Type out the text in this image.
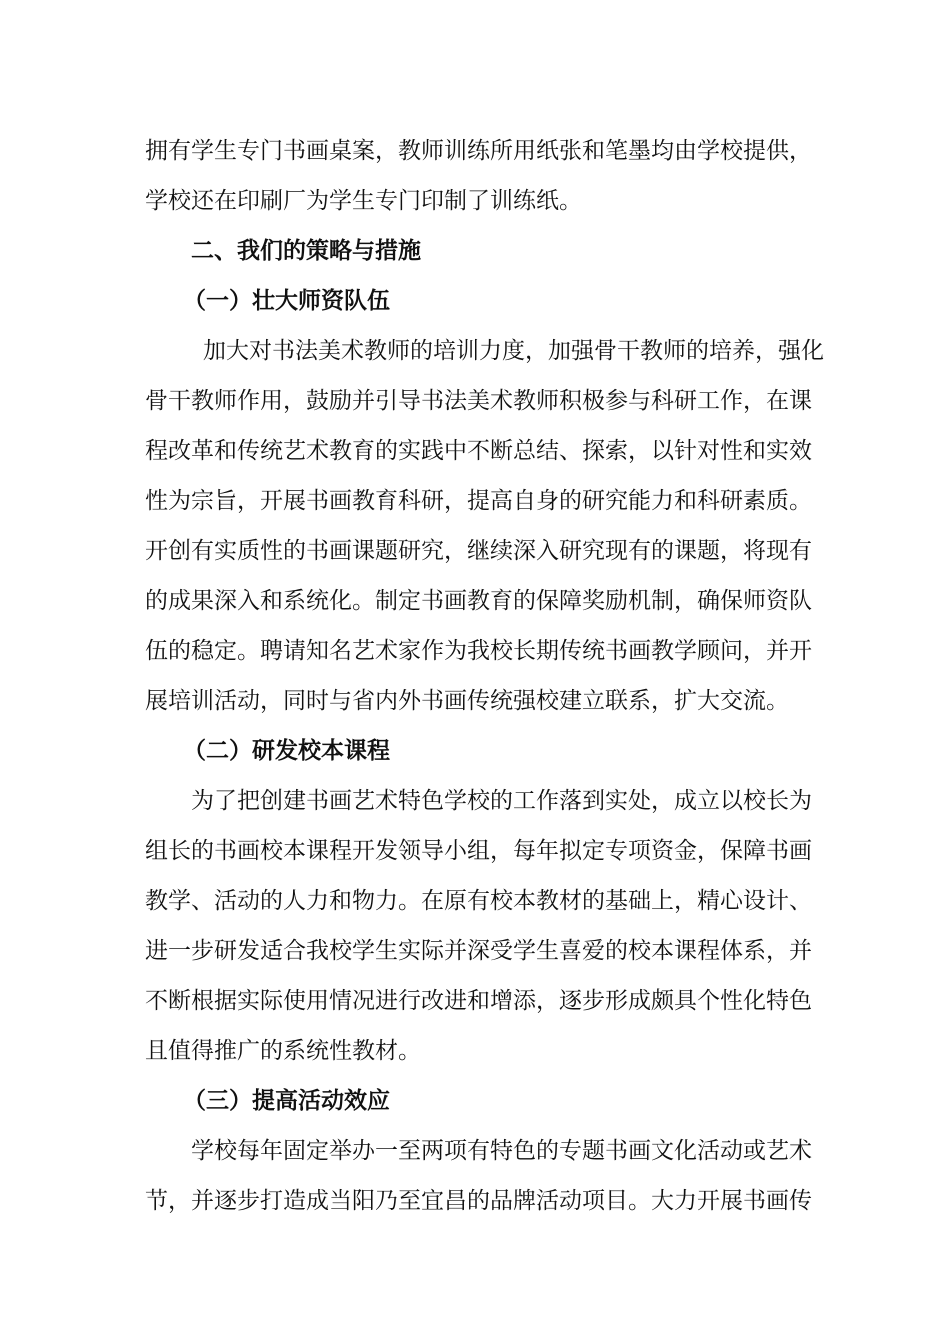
拥有学生专门书画桌案，教师训练所用纸张和笔墨均由学校提供，
学校还在印刷厂为学生专门印制了训练纸。
二、我们的策略与措施
（一）壮大师资队伍
加大对书法美术教师的培训力度，加强骨干教师的培养，强化
骨干教师作用，鼓励并引导书法美术教师积极参与科研工作，在课
程改革和传统艺术教育的实践中不断总结、探索，以针对性和实效
性为宗旨，开展书画教育科研，提高自身的研究能力和科研素质。
开创有实质性的书画课题研究，继续深入研究现有的课题，将现有
的成果深入和系统化。制定书画教育的保障奖励机制，确保师资队
伍的稳定。聘请知名艺术家作为我校长期传统书画教学顾问，并开
展培训活动，同时与省内外书画传统强校建立联系，扩大交流。
（二）研发校本课程
为了把创建书画艺术特色学校的工作落到实处，成立以校长为
组长的书画校本课程开发领导小组，每年拟定专项资金，保障书画
教学、活动的人力和物力。在原有校本教材的基础上，精心设计、
进一步研发适合我校学生实际并深受学生喜爱的校本课程体系，并
不断根据实际使用情况进行改进和增添，逐步形成颇具个性化特色
且值得推广的系统性教材。
（三）提高活动效应
学校每年固定举办一至两项有特色的专题书画文化活动或艺术
节，并逐步打造成当阳乃至宜昌的品牌活动项目。大力开展书画传
